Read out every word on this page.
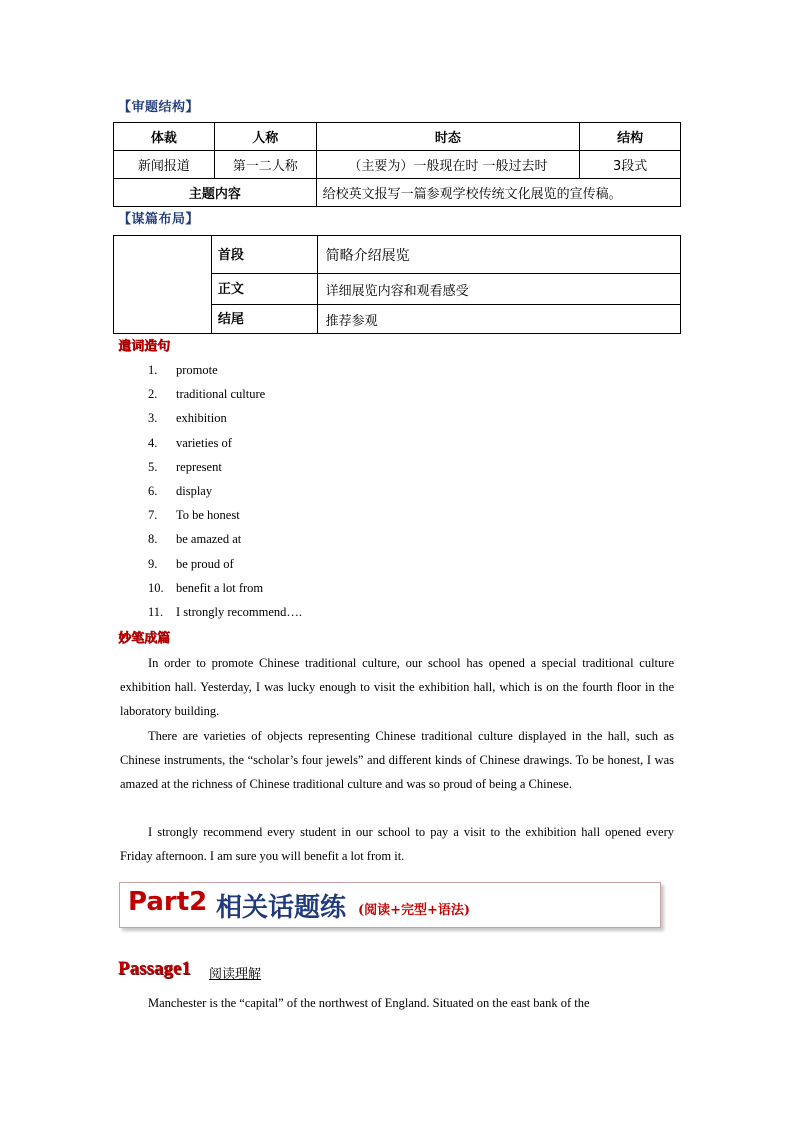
【审题结构】
体裁	人称	时态	结构
新闻报道	第一二人称	（主要为）一般现在时 一般过去时	3段式
主题内容		给校英文报写一篇参观学校传统文化展览的宣传稿。	
【谋篇布局】
	首段	简略介绍展览
	正文	详细展览内容和观看感受
	结尾	推荐参观
遣词造句
1. promote
2. traditional culture
3. exhibition
4. varieties of
5. represent
6. display
7. To be honest
8. be amazed at
9. be proud of
10. benefit a lot from
11. I strongly recommend….
妙笔成篇

In order to promote Chinese traditional culture, our school has opened a special traditional culture exhibition hall. Yesterday, I was lucky enough to visit the exhibition hall, which is on the fourth floor in the laboratory building.

There are varieties of objects representing Chinese traditional culture displayed in the hall, such as Chinese instruments, the “scholar’s four jewels” and different kinds of Chinese drawings. To be honest, I was amazed at the richness of Chinese traditional culture and was so proud of being a Chinese.

I strongly recommend every student in our school to pay a visit to the exhibition hall opened every Friday afternoon. I am sure you will benefit a lot from it.

Part2 相关话题练 (阅读+完型+语法)
Passage1 阅读理解

Manchester is the “capital” of the northwest of England. Situated on the east bank of the
